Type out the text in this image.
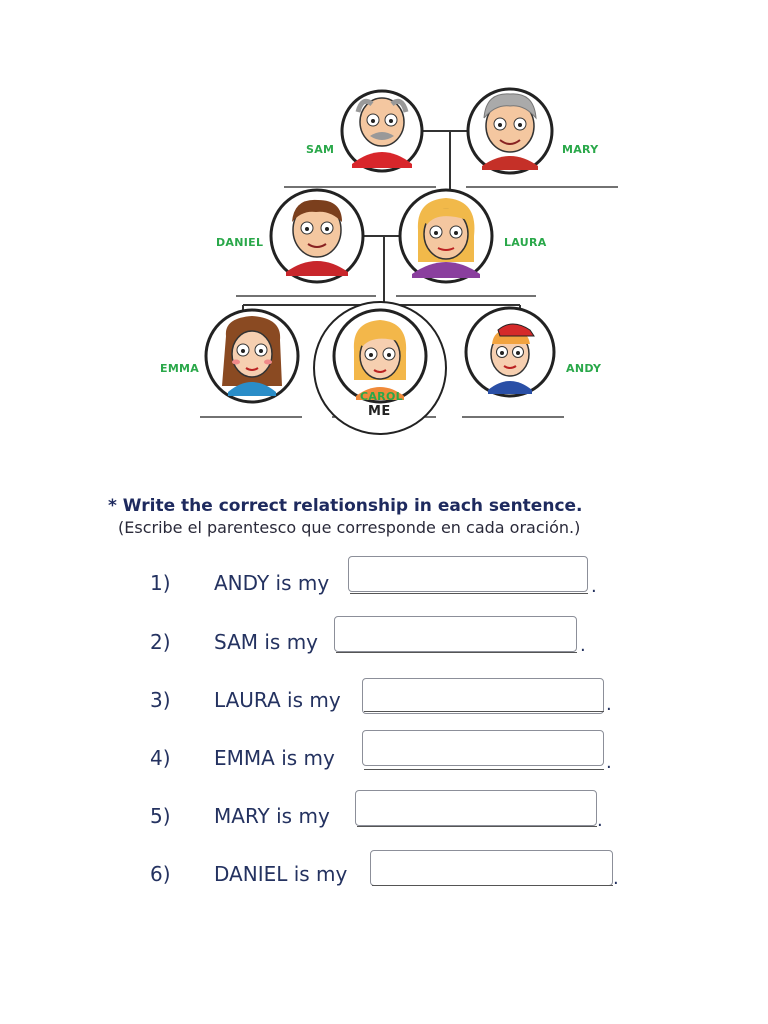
SAM	MARY
DANIEL	LAURA
EMMA
CAROL
ANDY
ME
* Write the correct relationship in each sentence.
(Escribe el parentesco que corresponde en cada oración.)
1) ANDY is my	.
2) SAM is my	.
3) LAURA is my	.
4) EMMA is my	.
5) MARY is my	.
6) DANIEL is my	.
